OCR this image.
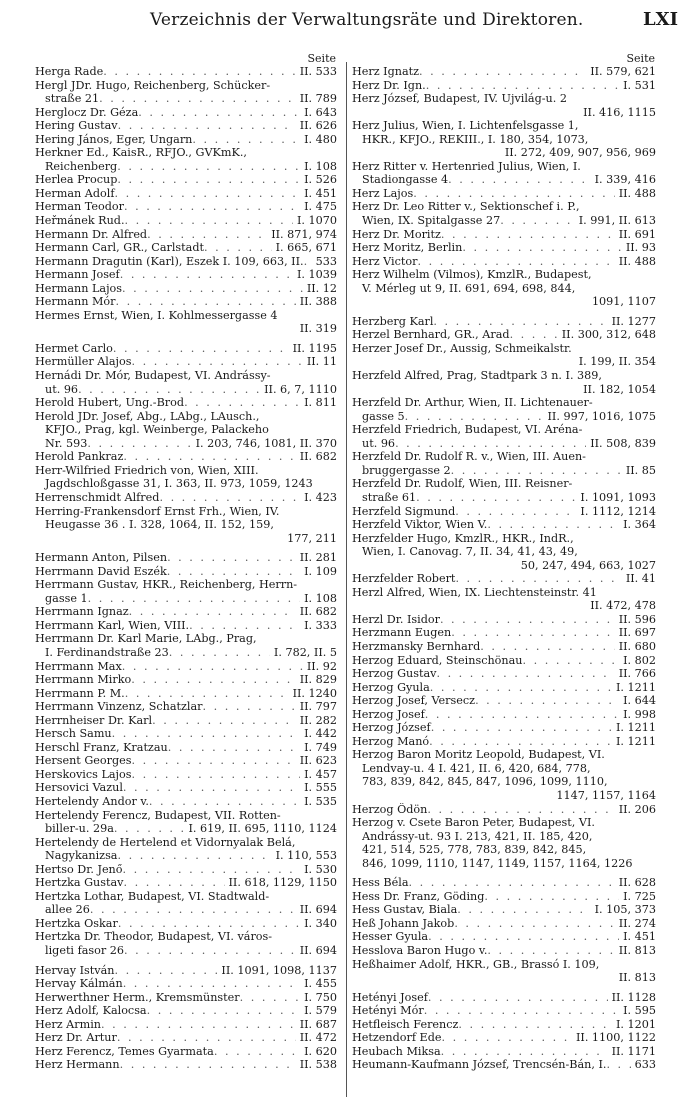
Verzeichnis der Verwaltungsräte und Direktoren.	LXI
Seite
Herga Rade . . .	II. 533
Hergl JDr. Hugo, Reichenberg, Schücker-
straße 21 . . .	II. 789
Herglocz Dr. Géza . . .	I. 643
Hering Gustav . . .	II. 626
Hering János, Eger, Ungarn . . .	I. 480
Herkner Ed., KaisR., RFJO., GVKmK.,
Reichenberg . . .	I. 108
Herlea Procup . . .	I. 526
Herman Adolf . . .	I. 451
Herman Teodor . . .	I. 475
Heřmánek Rud. . . .	I. 1070
Hermann Dr. Alfred . . .	II. 871, 974
Hermann Carl, GR., Carlstadt . . .	I. 665, 671
Hermann Dragutin (Karl), Eszek I. 109, 663, II. . . .	533
Hermann Josef . . .	I. 1039
Hermann Lajos . . .	II. 12
Hermann Mór . . .	II. 388
Hermes Ernst, Wien, I. Kohlmessergasse 4
II. 319
Hermet Carlo . . .	II. 1195
Hermüller Alajos . . .	II. 11
Hernádi Dr. Mór, Budapest, VI. Andrássy-
ut. 96 . . .	II. 6, 7, 1110
Herold Hubert, Ung.-Brod . . .	I. 811
Herold JDr. Josef, Abg., LAbg., LAusch.,
KFJO., Prag, kgl. Weinberge, Palackeho
Nr. 593 . . .	I. 203, 746, 1081, II. 370
Herold Pankraz . . .	II. 682
Herr-Wilfried Friedrich von, Wien, XIII.
Jagdschloßgasse 31, I. 363, II. 973, 1059, 1243
Herrenschmidt Alfred . . .	I. 423
Herring-Frankensdorf Ernst Frh., Wien, IV.
Heugasse 36 . I. 328, 1064, II. 152, 159,
177, 211
Hermann Anton, Pilsen . . .	II. 281
Herrmann David Eszék . . .	I. 109
Herrmann Gustav, HKR., Reichenberg, Herrn-
gasse 1 . . .	I. 108
Herrmann Ignaz . . .	II. 682
Herrmann Karl, Wien, VIII. . . .	I. 333
Herrmann Dr. Karl Marie, LAbg., Prag,
I. Ferdinandstraße 23 . . .	I. 782, II. 5
Herrmann Max . . .	II. 92
Herrmann Mirko . . .	II. 829
Herrmann P. M. . . .	II. 1240
Herrmann Vinzenz, Schatzlar . . .	II. 797
Herrnheiser Dr. Karl . . .	II. 282
Hersch Samu . . .	I. 442
Herschl Franz, Kratzau . . .	I. 749
Hersent Georges . . .	II. 623
Herskovics Lajos . . .	I. 457
Hersovici Vazul . . .	I. 555
Hertelendy Andor v. . . .	I. 535
Hertelendy Ferencz, Budapest, VII. Rotten-
biller-u. 29a . . .	I. 619, II. 695, 1110, 1124
Hertelendy de Hertelend et Vidornyalak Belá,
Nagykanizsa . . .	I. 110, 553
Hertso Dr. Jenő . . .	I. 530
Hertzka Gustav . . .	II. 618, 1129, 1150
Hertzka Lothar, Budapest, VI. Stadtwald-
allee 26 . . .	II. 694
Hertzka Oskar . . .	I. 340
Hertzka Dr. Theodor, Budapest, VI. város-
ligeti fasor 26 . . .	II. 694
Hervay István . . .	II. 1091, 1098, 1137
Hervay Kálmán . . .	I. 455
Herwerthner Herm., Kremsmünster . . .	I. 750
Herz Adolf, Kalocsa . . .	I. 579
Herz Armin . . .	II. 687
Herz Dr. Artur . . .	II. 472
Herz Ferencz, Temes Gyarmata . . .	I. 620
Herz Hermann . . .	II. 538
Seite
Herz Ignatz . . .	II. 579, 621
Herz Dr. Ign. . . .	I. 531
Herz József, Budapest, IV. Ujvilág-u. 2
II. 416, 1115
Herz Julius, Wien, I. Lichtenfelsgasse 1,
HKR., KFJO., REKIII., I. 180, 354, 1073,
II. 272, 409, 907, 956, 969
Herz Ritter v. Hertenried Julius, Wien, I.
Stadiongasse 4 . . .	I. 339, 416
Herz Lajos . . .	II. 488
Herz Dr. Leo Ritter v., Sektionschef i. P.,
Wien, IX. Spitalgasse 27 . . .	I. 991, II. 613
Herz Dr. Moritz . . .	II. 691
Herz Moritz, Berlin . . .	II. 93
Herz Victor . . .	II. 488
Herz Wilhelm (Vilmos), KmzlR., Budapest,
V. Mérleg ut 9, II. 691, 694, 698, 844,
1091, 1107
Herzberg Karl . . .	II. 1277
Herzel Bernhard, GR., Arad . . .	II. 300, 312, 648
Herzer Josef Dr., Aussig, Schmeikalstr.
I. 199, II. 354
Herzfeld Alfred, Prag, Stadtpark 3 n. I. 389,
II. 182, 1054
Herzfeld Dr. Arthur, Wien, II. Lichtenauer-
gasse 5 . . .	II. 997, 1016, 1075
Herzfeld Friedrich, Budapest, VI. Aréna-
ut. 96 . . .	II. 508, 839
Herzfeld Dr. Rudolf R. v., Wien, III. Auen-
bruggergasse 2 . . .	II. 85
Herzfeld Dr. Rudolf, Wien, III. Reisner-
straße 61 . . .	I. 1091, 1093
Herzfeld Sigmund . . .	I. 1112, 1214
Herzfeld Viktor, Wien V. . . .	I. 364
Herzfelder Hugo, KmzlR., HKR., IndR.,
Wien, I. Canovag. 7, II. 34, 41, 43, 49,
50, 247, 494, 663, 1027
Herzfelder Robert . . .	II. 41
Herzl Alfred, Wien, IX. Liechtensteinstr. 41
II. 472, 478
Herzl Dr. Isidor . . .	II. 596
Herzmann Eugen . . .	II. 697
Herzmansky Bernhard . . .	II. 680
Herzog Eduard, Steinschönau . . .	I. 802
Herzog Gustav . . .	II. 766
Herzog Gyula . . .	I. 1211
Herzog Josef, Versecz . . .	I. 644
Herzog Josef . . .	I. 998
Herzog József . . .	I. 1211
Herzog Manó . . .	I. 1211
Herzog Baron Moritz Leopold, Budapest, VI.
Lendvay-u. 4 I. 421, II. 6, 420, 684, 778,
783, 839, 842, 845, 847, 1096, 1099, 1110,
1147, 1157, 1164
Herzog Ödön . . .	II. 206
Herzog v. Csete Baron Peter, Budapest, VI.
Andrássy-ut. 93 I. 213, 421, II. 185, 420,
421, 514, 525, 778, 783, 839, 842, 845,
846, 1099, 1110, 1147, 1149, 1157, 1164, 1226
Hess Béla . . .	II. 628
Hess Dr. Franz, Göding . . .	I. 725
Hess Gustav, Biala . . .	I. 105, 373
Heß Johann Jakob . . .	II. 274
Hesser Gyula . . .	I. 451
Hesslova Baron Hugo v. . . .	II. 813
Heßhaimer Adolf, HKR., GB., Brassó I. 109,
II. 813
Hetényi Josef . . .	II. 1128
Hetényi Mór . . .	I. 595
Hetfleisch Ferencz . . .	I. 1201
Hetzendorf Ede . . .	II. 1100, 1122
Heubach Miksa . . .	II. 1171
Heumann-Kaufmann József, Trencsén-Bán, I. . . .	633
